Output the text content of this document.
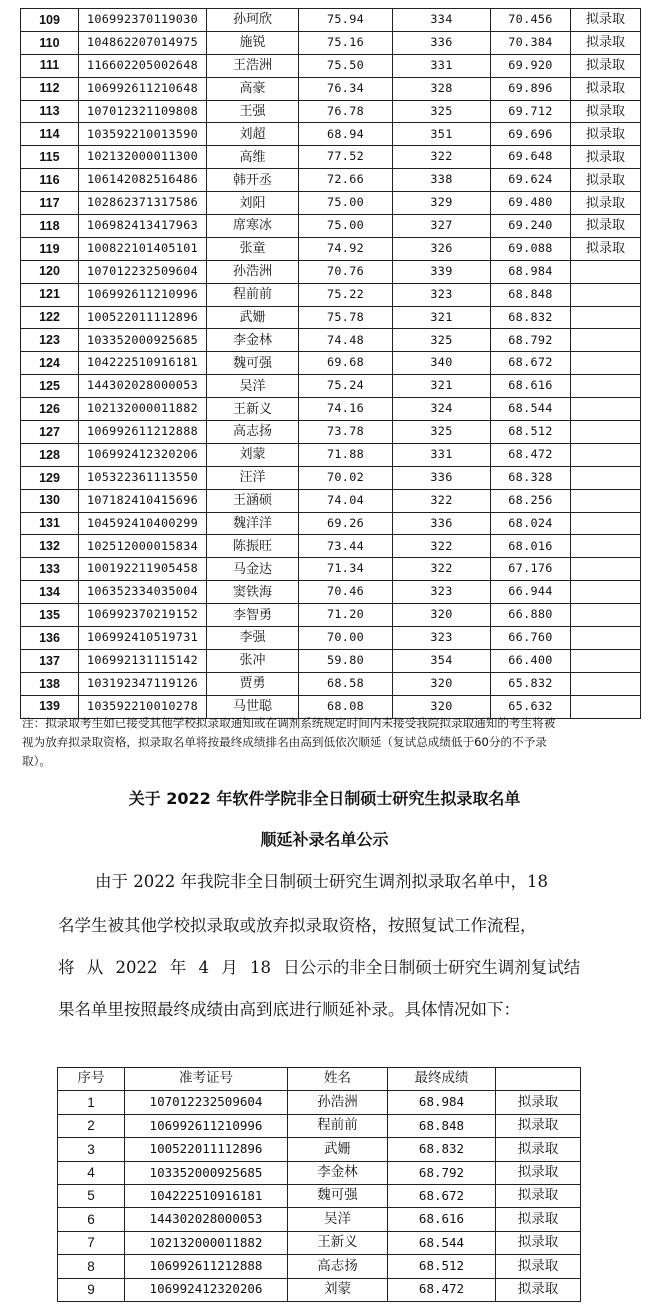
109	106992370119030	孙珂欣	75.94	334	70.456	拟录取
110	104862207014975	施锐	75.16	336	70.384	拟录取
111	116602205002648	王浩洲	75.50	331	69.920	拟录取
112	106992611210648	高豪	76.34	328	69.896	拟录取
113	107012321109808	王强	76.78	325	69.712	拟录取
114	103592210013590	刘超	68.94	351	69.696	拟录取
115	102132000011300	高维	77.52	322	69.648	拟录取
116	106142082516486	韩开丞	72.66	338	69.624	拟录取
117	102862371317586	刘阳	75.00	329	69.480	拟录取
118	106982413417963	席寒冰	75.00	327	69.240	拟录取
119	100822101405101	张童	74.92	326	69.088	拟录取
120	107012232509604	孙浩洲	70.76	339	68.984	
121	106992611210996	程前前	75.22	323	68.848	
122	100522011112896	武姗	75.78	321	68.832	
123	103352000925685	李金林	74.48	325	68.792	
124	104222510916181	魏可强	69.68	340	68.672	
125	144302028000053	吴洋	75.24	321	68.616	
126	102132000011882	王新义	74.16	324	68.544	
127	106992611212888	高志扬	73.78	325	68.512	
128	106992412320206	刘蒙	71.88	331	68.472	
129	105322361113550	汪洋	70.02	336	68.328	
130	107182410415696	王涵硕	74.04	322	68.256	
131	104592410400299	魏洋洋	69.26	336	68.024	
132	102512000015834	陈振旺	73.44	322	68.016	
133	100192211905458	马金达	71.34	322	67.176	
134	106352334035004	窦铁海	70.46	323	66.944	
135	106992370219152	李智勇	71.20	320	66.880	
136	106992410519731	李强	70.00	323	66.760	
137	106992131115142	张冲	59.80	354	66.400	
138	103192347119126	贾勇	68.58	320	65.832	
139	103592210010278	马世聪	68.08	320	65.632	
注：拟录取考生如已接受其他学校拟录取通知或在调剂系统规定时间内未接受我院拟录取通知的考生将被
视为放弃拟录取资格，拟录取名单将按最终成绩排名由高到低依次顺延（复试总成绩低于60分的不予录
取）。
关于 2022 年软件学院非全日制硕士研究生拟录取名单
顺延补录名单公示
由于 2022 年我院非全日制硕士研究生调剂拟录取名单中，18
名学生被其他学校拟录取或放弃拟录取资格，按照复试工作流程，
将 从 2022 年 4 月 18 日公示的非全日制硕士研究生调剂复试结
果名单里按照最终成绩由高到底进行顺延补录。具体情况如下：
序号	准考证号	姓名	最终成绩	
1	107012232509604	孙浩洲	68.984	拟录取
2	106992611210996	程前前	68.848	拟录取
3	100522011112896	武姗	68.832	拟录取
4	103352000925685	李金林	68.792	拟录取
5	104222510916181	魏可强	68.672	拟录取
6	144302028000053	吴洋	68.616	拟录取
7	102132000011882	王新义	68.544	拟录取
8	106992611212888	高志扬	68.512	拟录取
9	106992412320206	刘蒙	68.472	拟录取
